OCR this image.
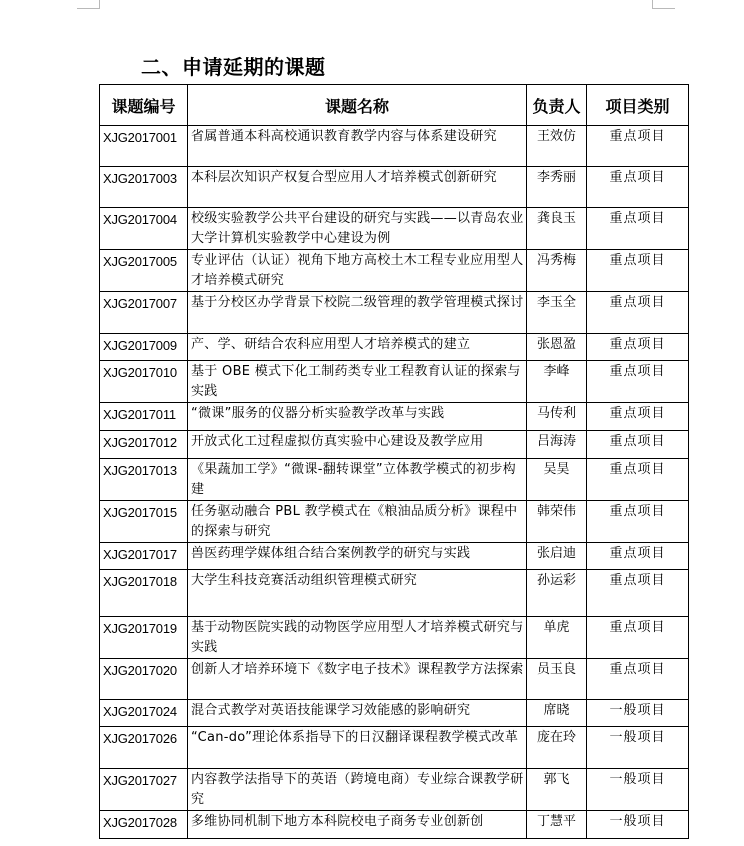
二、申请延期的课题
课题编号	课题名称	负责人	项目类别
XJG2017001	省属普通本科高校通识教育教学内容与体系建设研究	王效仿	重点项目
XJG2017003	本科层次知识产权复合型应用人才培养模式创新研究	李秀丽	重点项目
XJG2017004	校级实验教学公共平台建设的研究与实践——以青岛农业大学计算机实验教学中心建设为例	龚良玉	重点项目
XJG2017005	专业评估（认证）视角下地方高校土木工程专业应用型人才培养模式研究	冯秀梅	重点项目
XJG2017007	基于分校区办学背景下校院二级管理的教学管理模式探讨	李玉全	重点项目
XJG2017009	产、学、研结合农科应用型人才培养模式的建立	张恩盈	重点项目
XJG2017010	基于 OBE 模式下化工制药类专业工程教育认证的探索与实践	李峰	重点项目
XJG2017011	“微课”服务的仪器分析实验教学改革与实践	马传利	重点项目
XJG2017012	开放式化工过程虚拟仿真实验中心建设及教学应用	吕海涛	重点项目
XJG2017013	《果蔬加工学》“微课-翻转课堂”立体教学模式的初步构建	吴昊	重点项目
XJG2017015	任务驱动融合 PBL 教学模式在《粮油品质分析》课程中的探索与研究	韩荣伟	重点项目
XJG2017017	兽医药理学媒体组合结合案例教学的研究与实践	张启迪	重点项目
XJG2017018	大学生科技竞赛活动组织管理模式研究	孙运彩	重点项目
XJG2017019	基于动物医院实践的动物医学应用型人才培养模式研究与实践	单虎	重点项目
XJG2017020	创新人才培养环境下《数字电子技术》课程教学方法探索	员玉良	重点项目
XJG2017024	混合式教学对英语技能课学习效能感的影响研究	席晓	一般项目
XJG2017026	“Can-do”理论体系指导下的日汉翻译课程教学模式改革	庞在玲	一般项目
XJG2017027	内容教学法指导下的英语（跨境电商）专业综合课教学研究	郭飞	一般项目
XJG2017028	多维协同机制下地方本科院校电子商务专业创新创	丁慧平	一般项目
